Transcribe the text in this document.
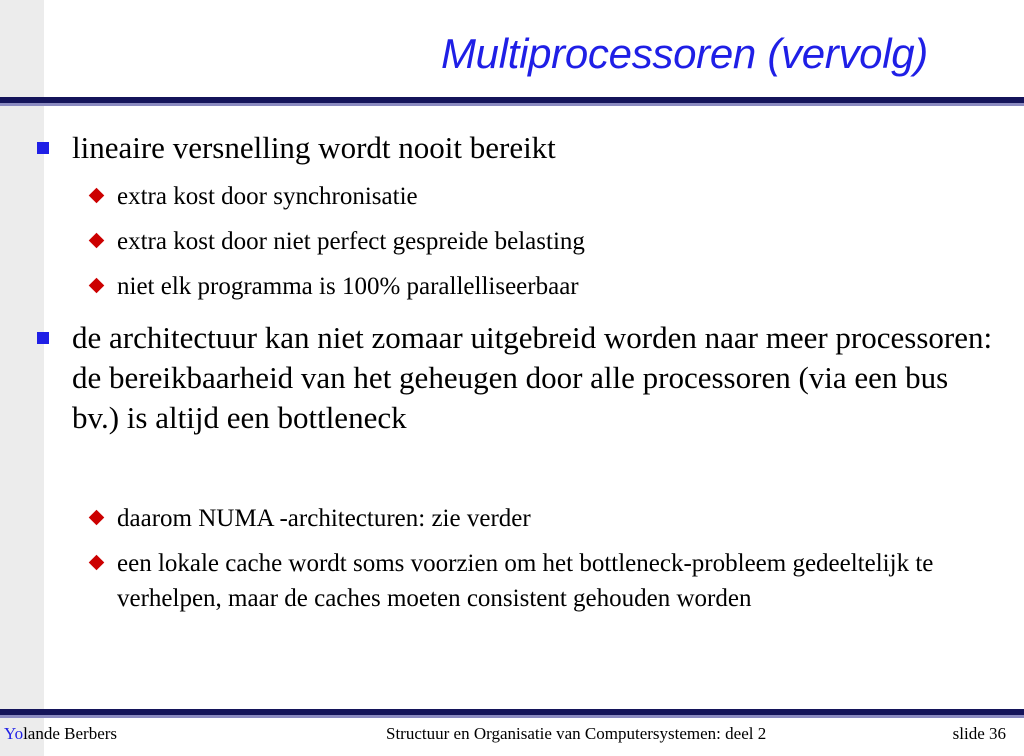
Multiprocessoren (vervolg)
lineaire versnelling wordt nooit bereikt
extra kost door synchronisatie
extra kost door niet perfect gespreide belasting
niet elk programma is 100% parallelliseerbaar
de architectuur kan niet zomaar uitgebreid worden naar meer processoren: de bereikbaarheid van het geheugen door alle processoren (via een bus bv.) is altijd een bottleneck
daarom NUMA -architecturen: zie verder
een lokale cache wordt soms voorzien om het bottleneck-probleem gedeeltelijk te verhelpen, maar de caches moeten consistent gehouden worden
Yolande Berbers	Structuur en Organisatie van Computersystemen: deel 2	slide 36
